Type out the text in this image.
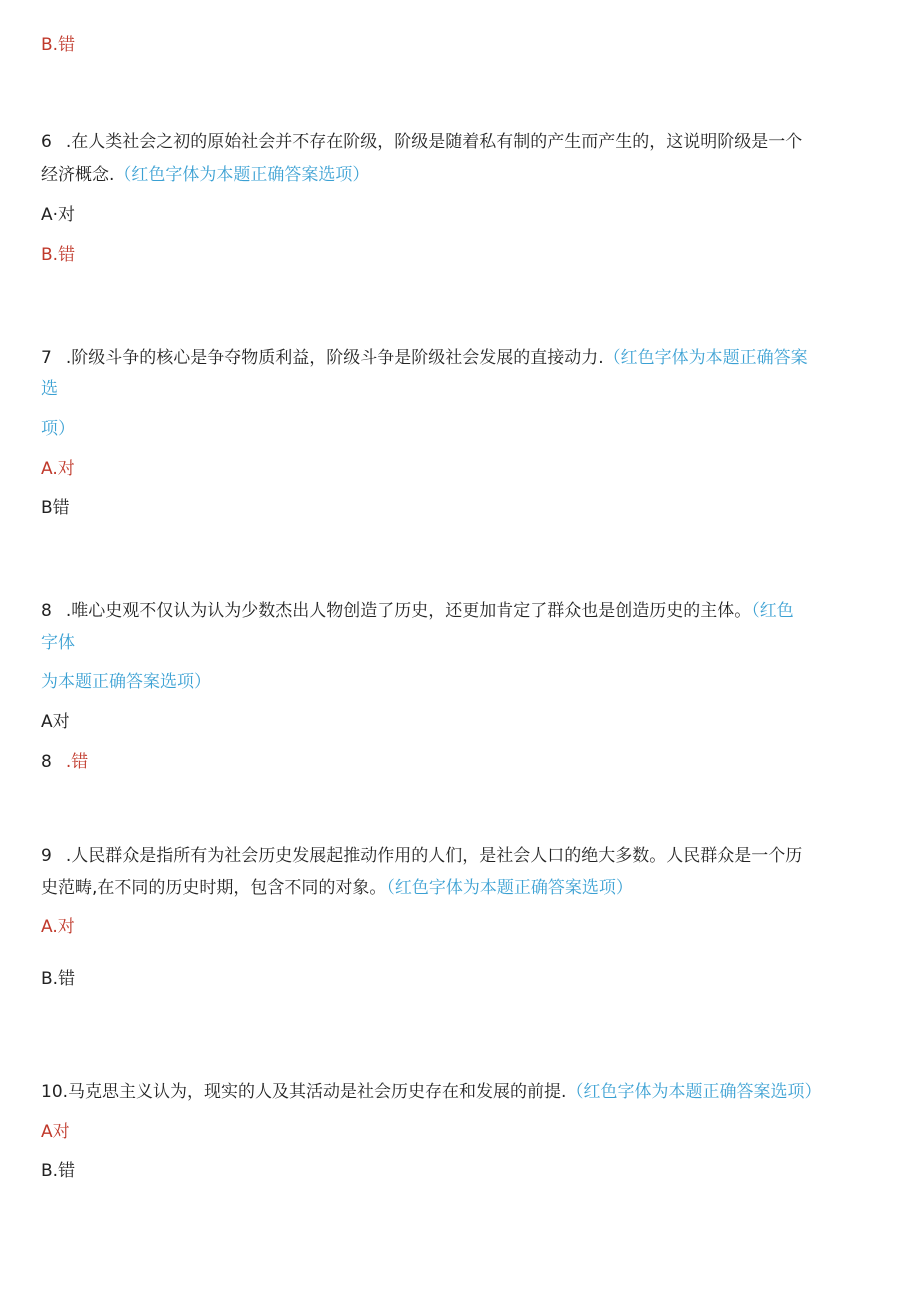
B.错

6 .在人类社会之初的原始社会并不存在阶级，阶级是随着私有制的产生而产生的，这说明阶级是一个

经济概念.（红色字体为本题正确答案选项）

A·对

B.错

7 .阶级斗争的核心是争夺物质利益，阶级斗争是阶级社会发展的直接动力.（红色字体为本题正确答案

选

项）

A.对

B错

8 .唯心史观不仅认为认为少数杰出人物创造了历史，还更加肯定了群众也是创造历史的主体。（红色

字体

为本题正确答案选项）

A对

8 .错

9 .人民群众是指所有为社会历史发展起推动作用的人们，是社会人口的绝大多数。人民群众是一个历

史范畴,在不同的历史时期，包含不同的对象。（红色字体为本题正确答案选项）

A.对

B.错

10.马克思主义认为，现实的人及其活动是社会历史存在和发展的前提.（红色字体为本题正确答案选项）

A对

B.错
